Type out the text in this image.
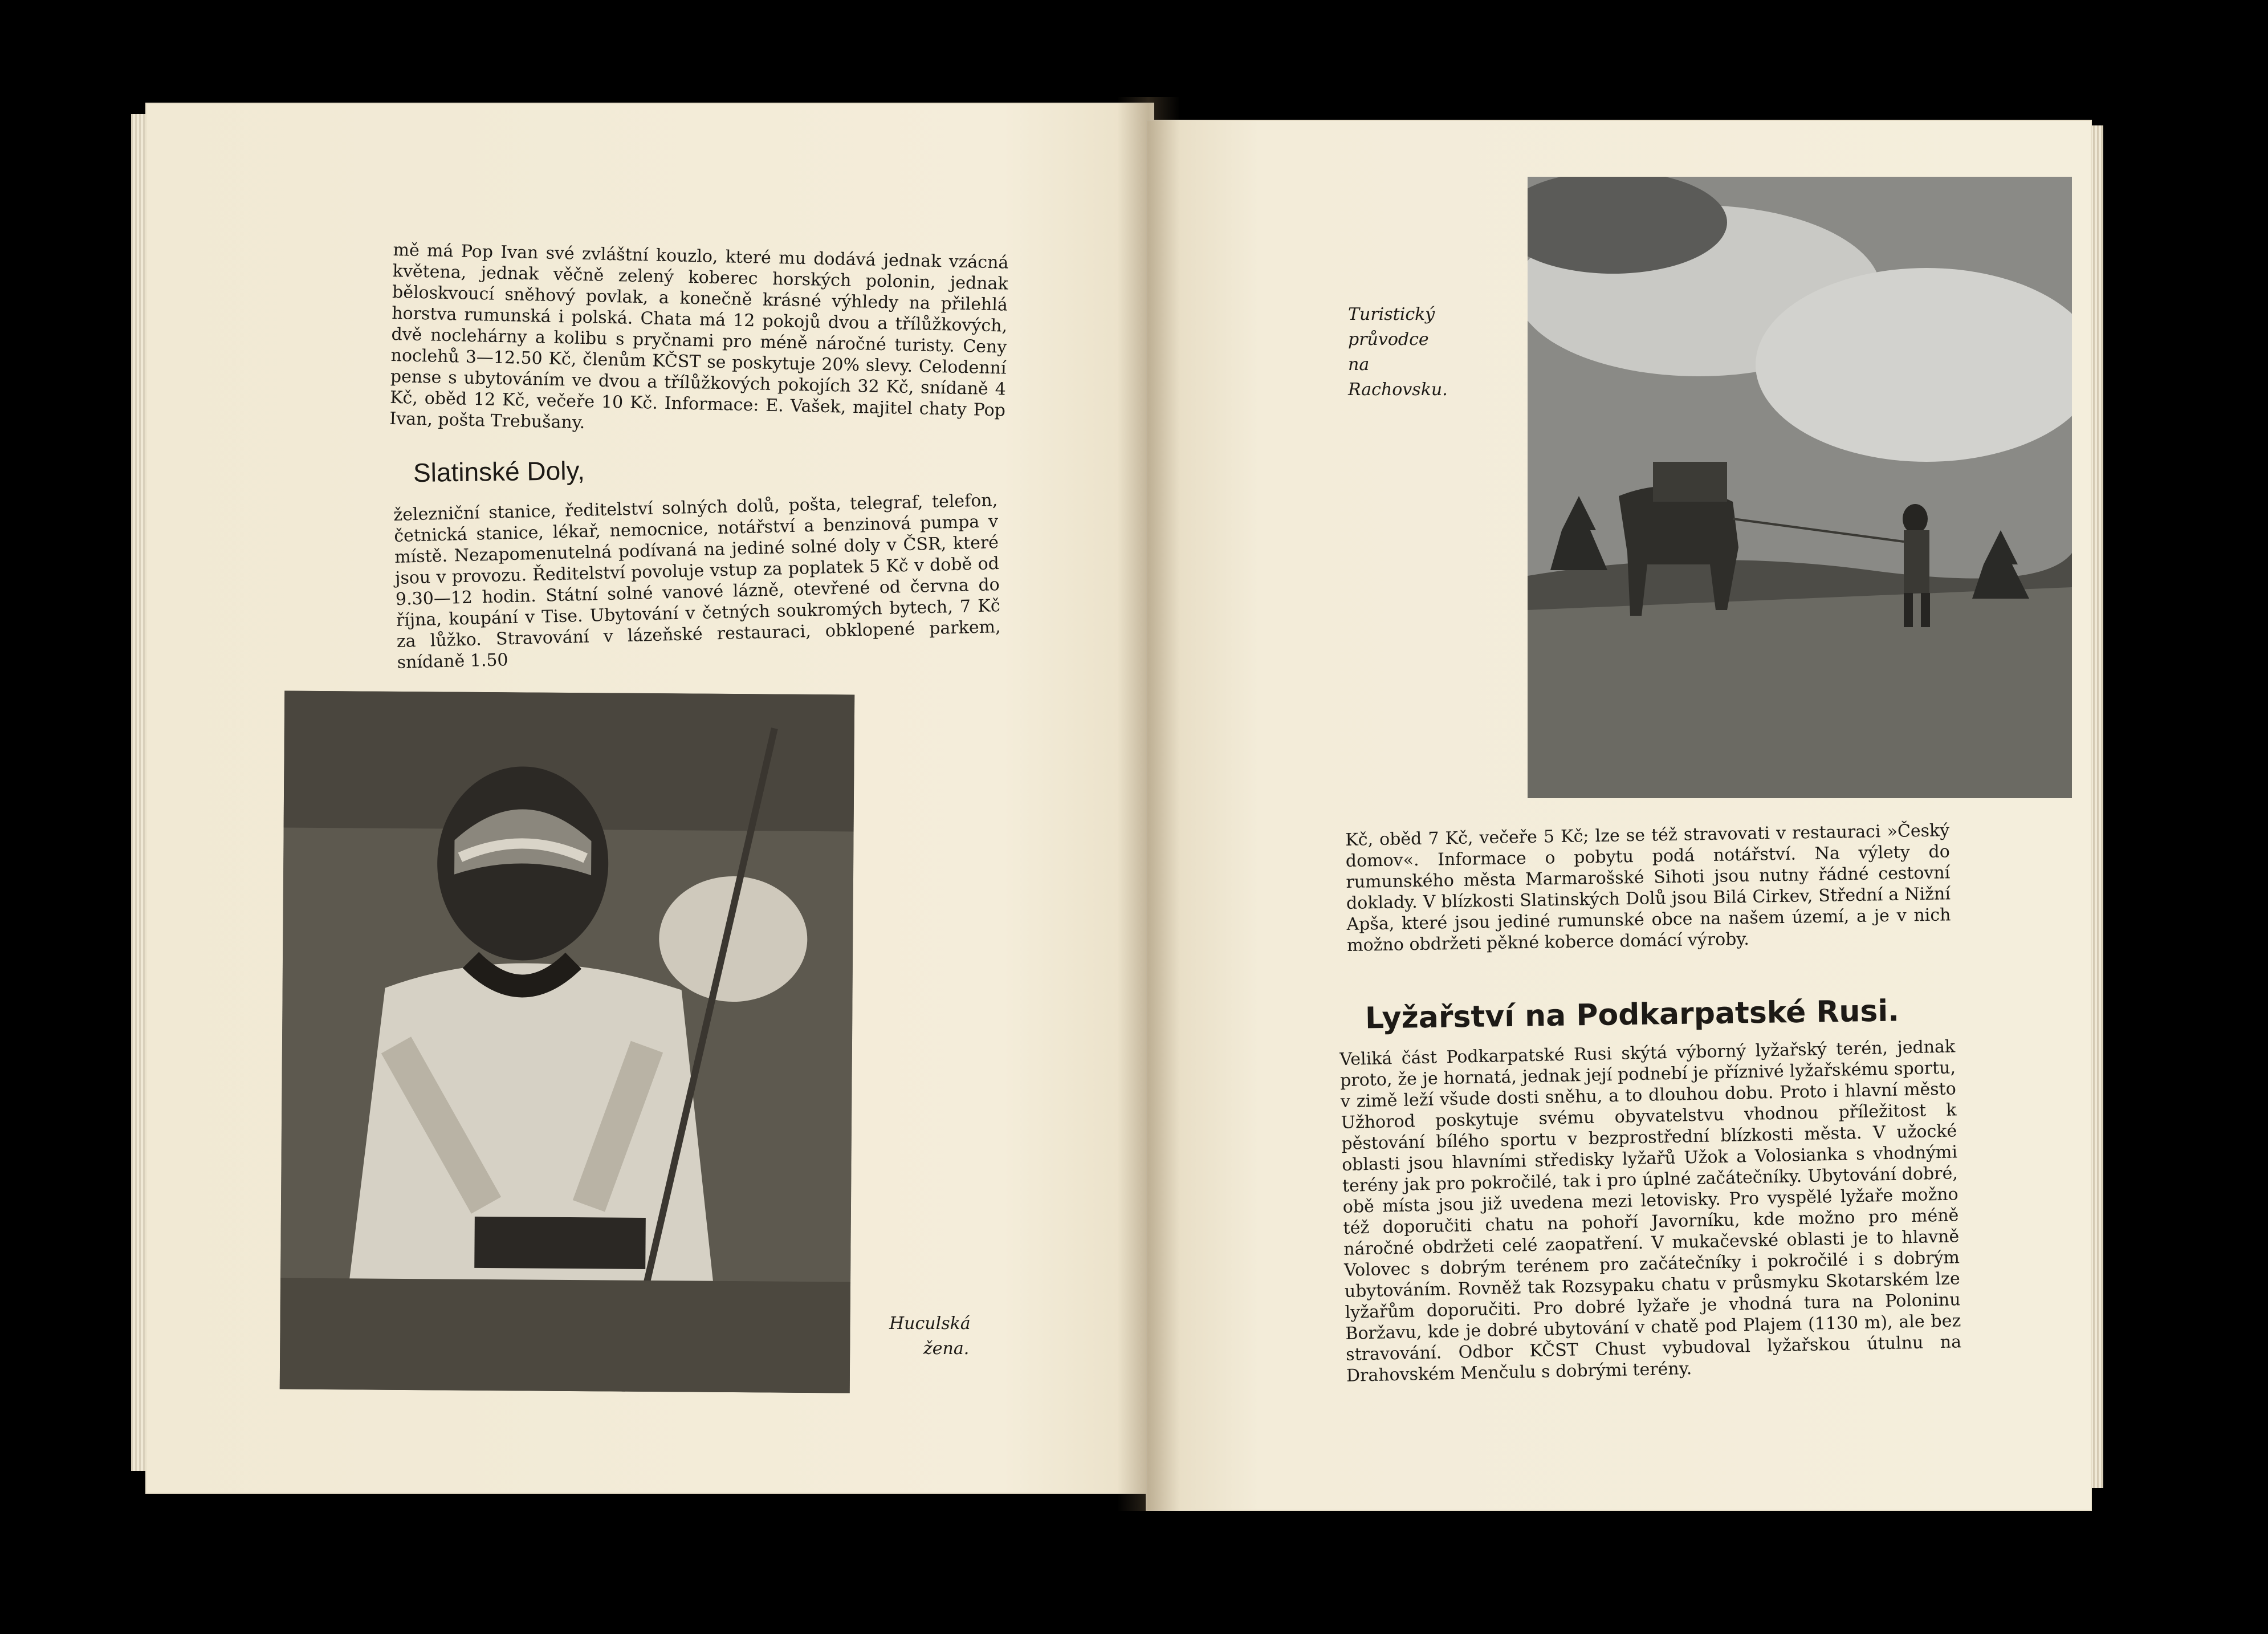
mě má Pop Ivan své zvláštní kouzlo, které mu dodává jednak vzácná květena, jednak věčně zelený koberec horských polonin, jednak běloskvoucí sněhový povlak, a konečně krásné výhledy na přilehlá horstva rumunská i polská. Chata má 12 pokojů dvou a třílůžkových, dvě noclehárny a kolibu s pryčnami pro méně náročné turisty. Ceny noclehů 3—12.50 Kč, členům KČST se poskytuje 20% slevy. Celodenní pense s ubytováním ve dvou a třílůžkových pokojích 32 Kč, snídaně 4 Kč, oběd 12 Kč, večeře 10 Kč. Informace: E. Vašek, majitel chaty Pop Ivan, pošta Trebušany.

Slatinské Doly,

železniční stanice, ředitelství solných dolů, pošta, telegraf, telefon, četnická stanice, lékař, nemocnice, notářství a benzinová pumpa v místě. Nezapomenutelná podívaná na jediné solné doly v ČSR, které jsou v provozu. Ředitelství povoluje vstup za poplatek 5 Kč v době od 9.30—12 hodin. Státní solné vanové lázně, otevřené od června do října, koupání v Tise. Ubytování v četných soukromých bytech, 7 Kč za lůžko. Stravování v lázeňské restauraci, obklopené parkem, snídaně 1.50

Huculská
žena.
Turistický
průvodce
na
Rachovsku.

Kč, oběd 7 Kč, večeře 5 Kč; lze se též stravovati v restauraci »Český domov«. Informace o pobytu podá notářství. Na výlety do rumunského města Marmarošské Sihoti jsou nutny řádné cestovní doklady. V blízkosti Slatinských Dolů jsou Bilá Cirkev, Střední a Nižní Apša, které jsou jediné rumunské obce na našem území, a je v nich možno obdržeti pěkné koberce domácí výroby.

Lyžařství na Podkarpatské Rusi.

Veliká část Podkarpatské Rusi skýtá výborný lyžařský terén, jednak proto, že je hornatá, jednak její podnebí je příznivé lyžařskému sportu, v zimě leží všude dosti sněhu, a to dlouhou dobu. Proto i hlavní město Užhorod poskytuje svému obyvatelstvu vhodnou příležitost k pěstování bílého sportu v bezprostřední blízkosti města. V užocké oblasti jsou hlavními středisky lyžařů Užok a Volosianka s vhodnými terény jak pro pokročilé, tak i pro úplné začátečníky. Ubytování dobré, obě místa jsou již uvedena mezi letovisky. Pro vyspělé lyžaře možno též doporučiti chatu na pohoří Javorníku, kde možno pro méně náročné obdržeti celé zaopatření. V mukačevské oblasti je to hlavně Volovec s dobrým terénem pro začátečníky i pokročilé i s dobrým ubytováním. Rovněž tak Rozsypaku chatu v průsmyku Skotarském lze lyžařům doporučiti. Pro dobré lyžaře je vhodná tura na Poloninu Boržavu, kde je dobré ubytování v chatě pod Plajem (1130 m), ale bez stravování. Odbor KČST Chust vybudoval lyžařskou útulnu na Drahovském Menčulu s dobrými terény.
